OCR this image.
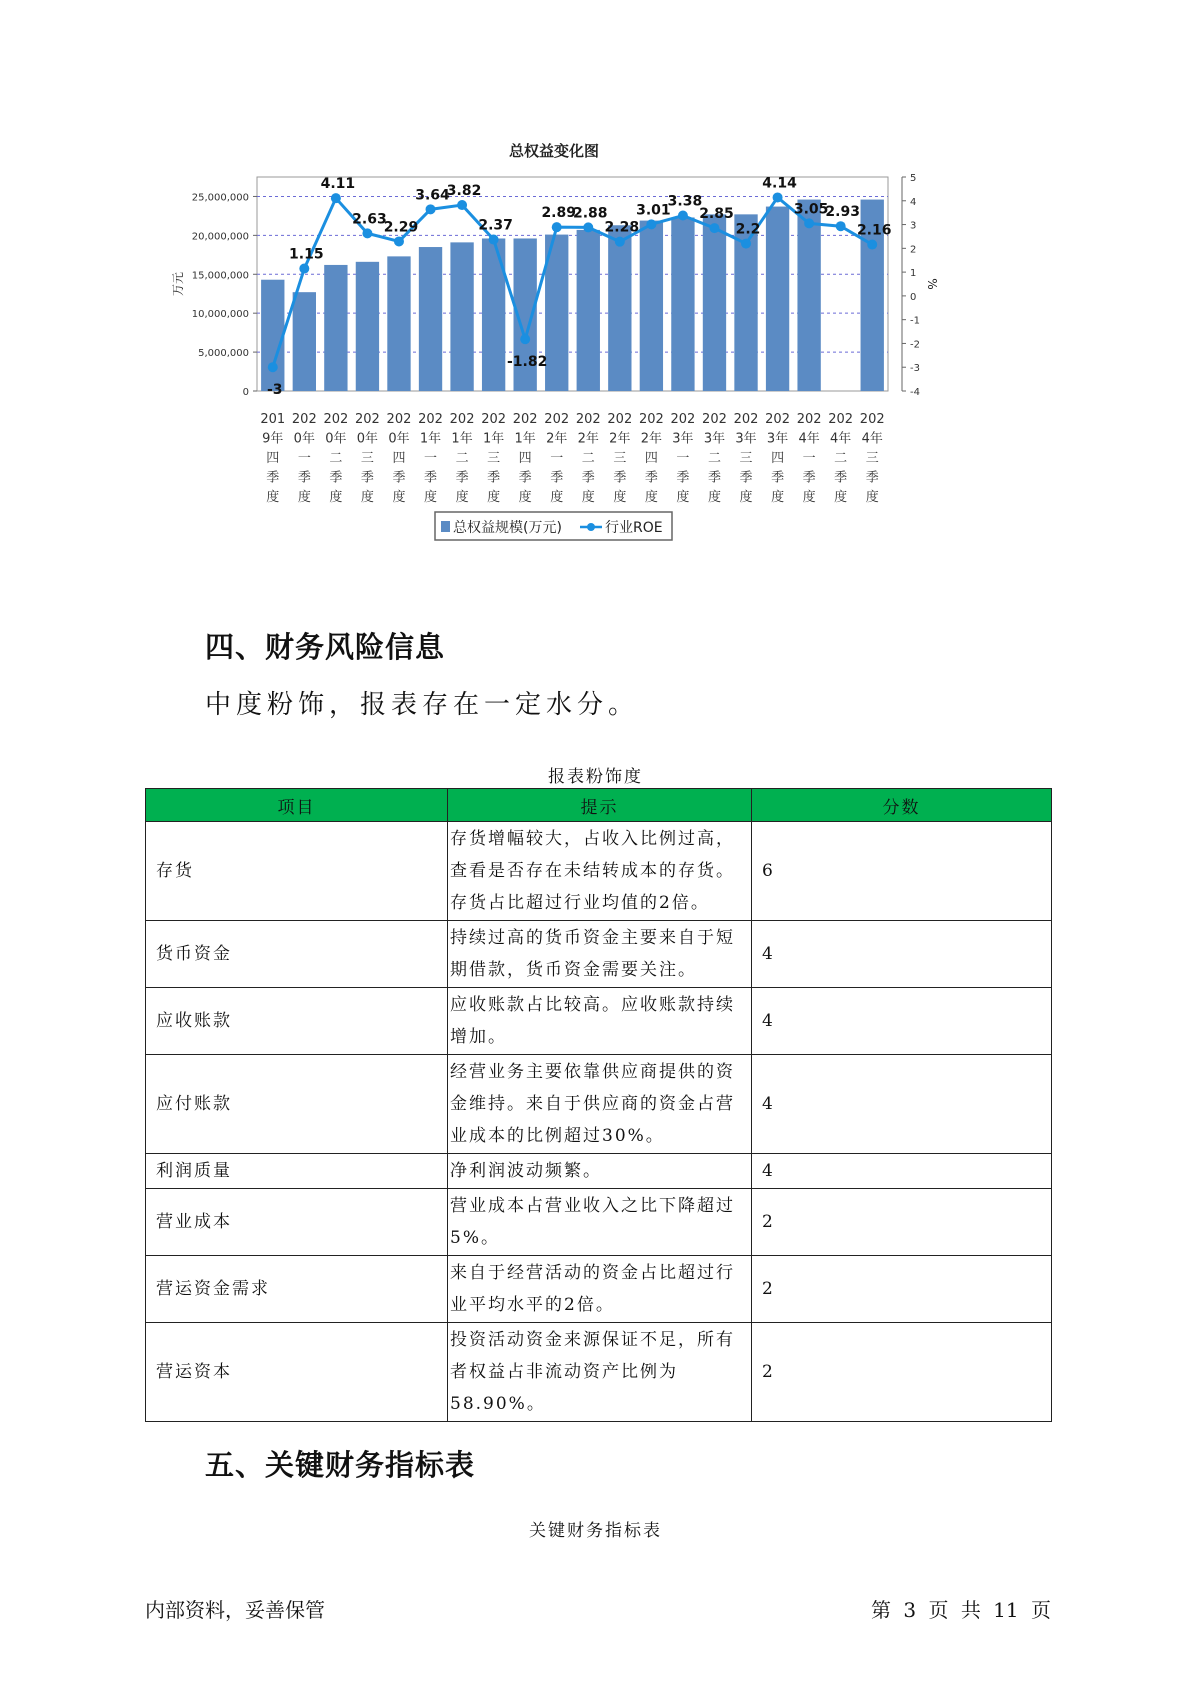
总权益变化图
0
5,000,000
10,000,000
15,000,000
20,000,000
25,000,000
-4
-3
-2
-1
0
1
2
3
4
5
201 9年四季度
202 0年一季度
202 0年二季度
202 0年三季度
202 0年四季度
202 1年一季度
202 1年二季度
202 1年三季度
202 1年四季度
202 2年一季度
202 2年二季度
202 2年三季度
202 2年四季度
202 3年一季度
202 3年二季度
202 3年三季度
202 3年四季度
202 4年一季度
202 4年二季度
202 4年三季度
-3
1.15
4.11
2.63
2.29
3.64
3.82
2.37
-1.82
2.89
2.88
2.28
3.01
3.38
2.85
2.2
4.14
3.05
2.93
2.16
万元	%
总权益规模(万元)	行业ROE
四、财务风险信息

中度粉饰，报表存在一定水分。

报表粉饰度
项目	提示	分数
存货	存货增幅较大，占收入比例过高，查看是否存在未结转成本的存货。存货占比超过行业均值的2倍。	6
货币资金	持续过高的货币资金主要来自于短期借款，货币资金需要关注。	4
应收账款	应收账款占比较高。应收账款持续增加。	4
应付账款	经营业务主要依靠供应商提供的资金维持。来自于供应商的资金占营业成本的比例超过30%。	4
利润质量	净利润波动频繁。	4
营业成本	营业成本占营业收入之比下降超过5%。	2
营运资金需求	来自于经营活动的资金占比超过行业平均水平的2倍。	2
营运资本	投资活动资金来源保证不足，所有者权益占非流动资产比例为58.90%。	2
五、关键财务指标表
关键财务指标表
内部资料，妥善保管	第 3 页 共 11 页
